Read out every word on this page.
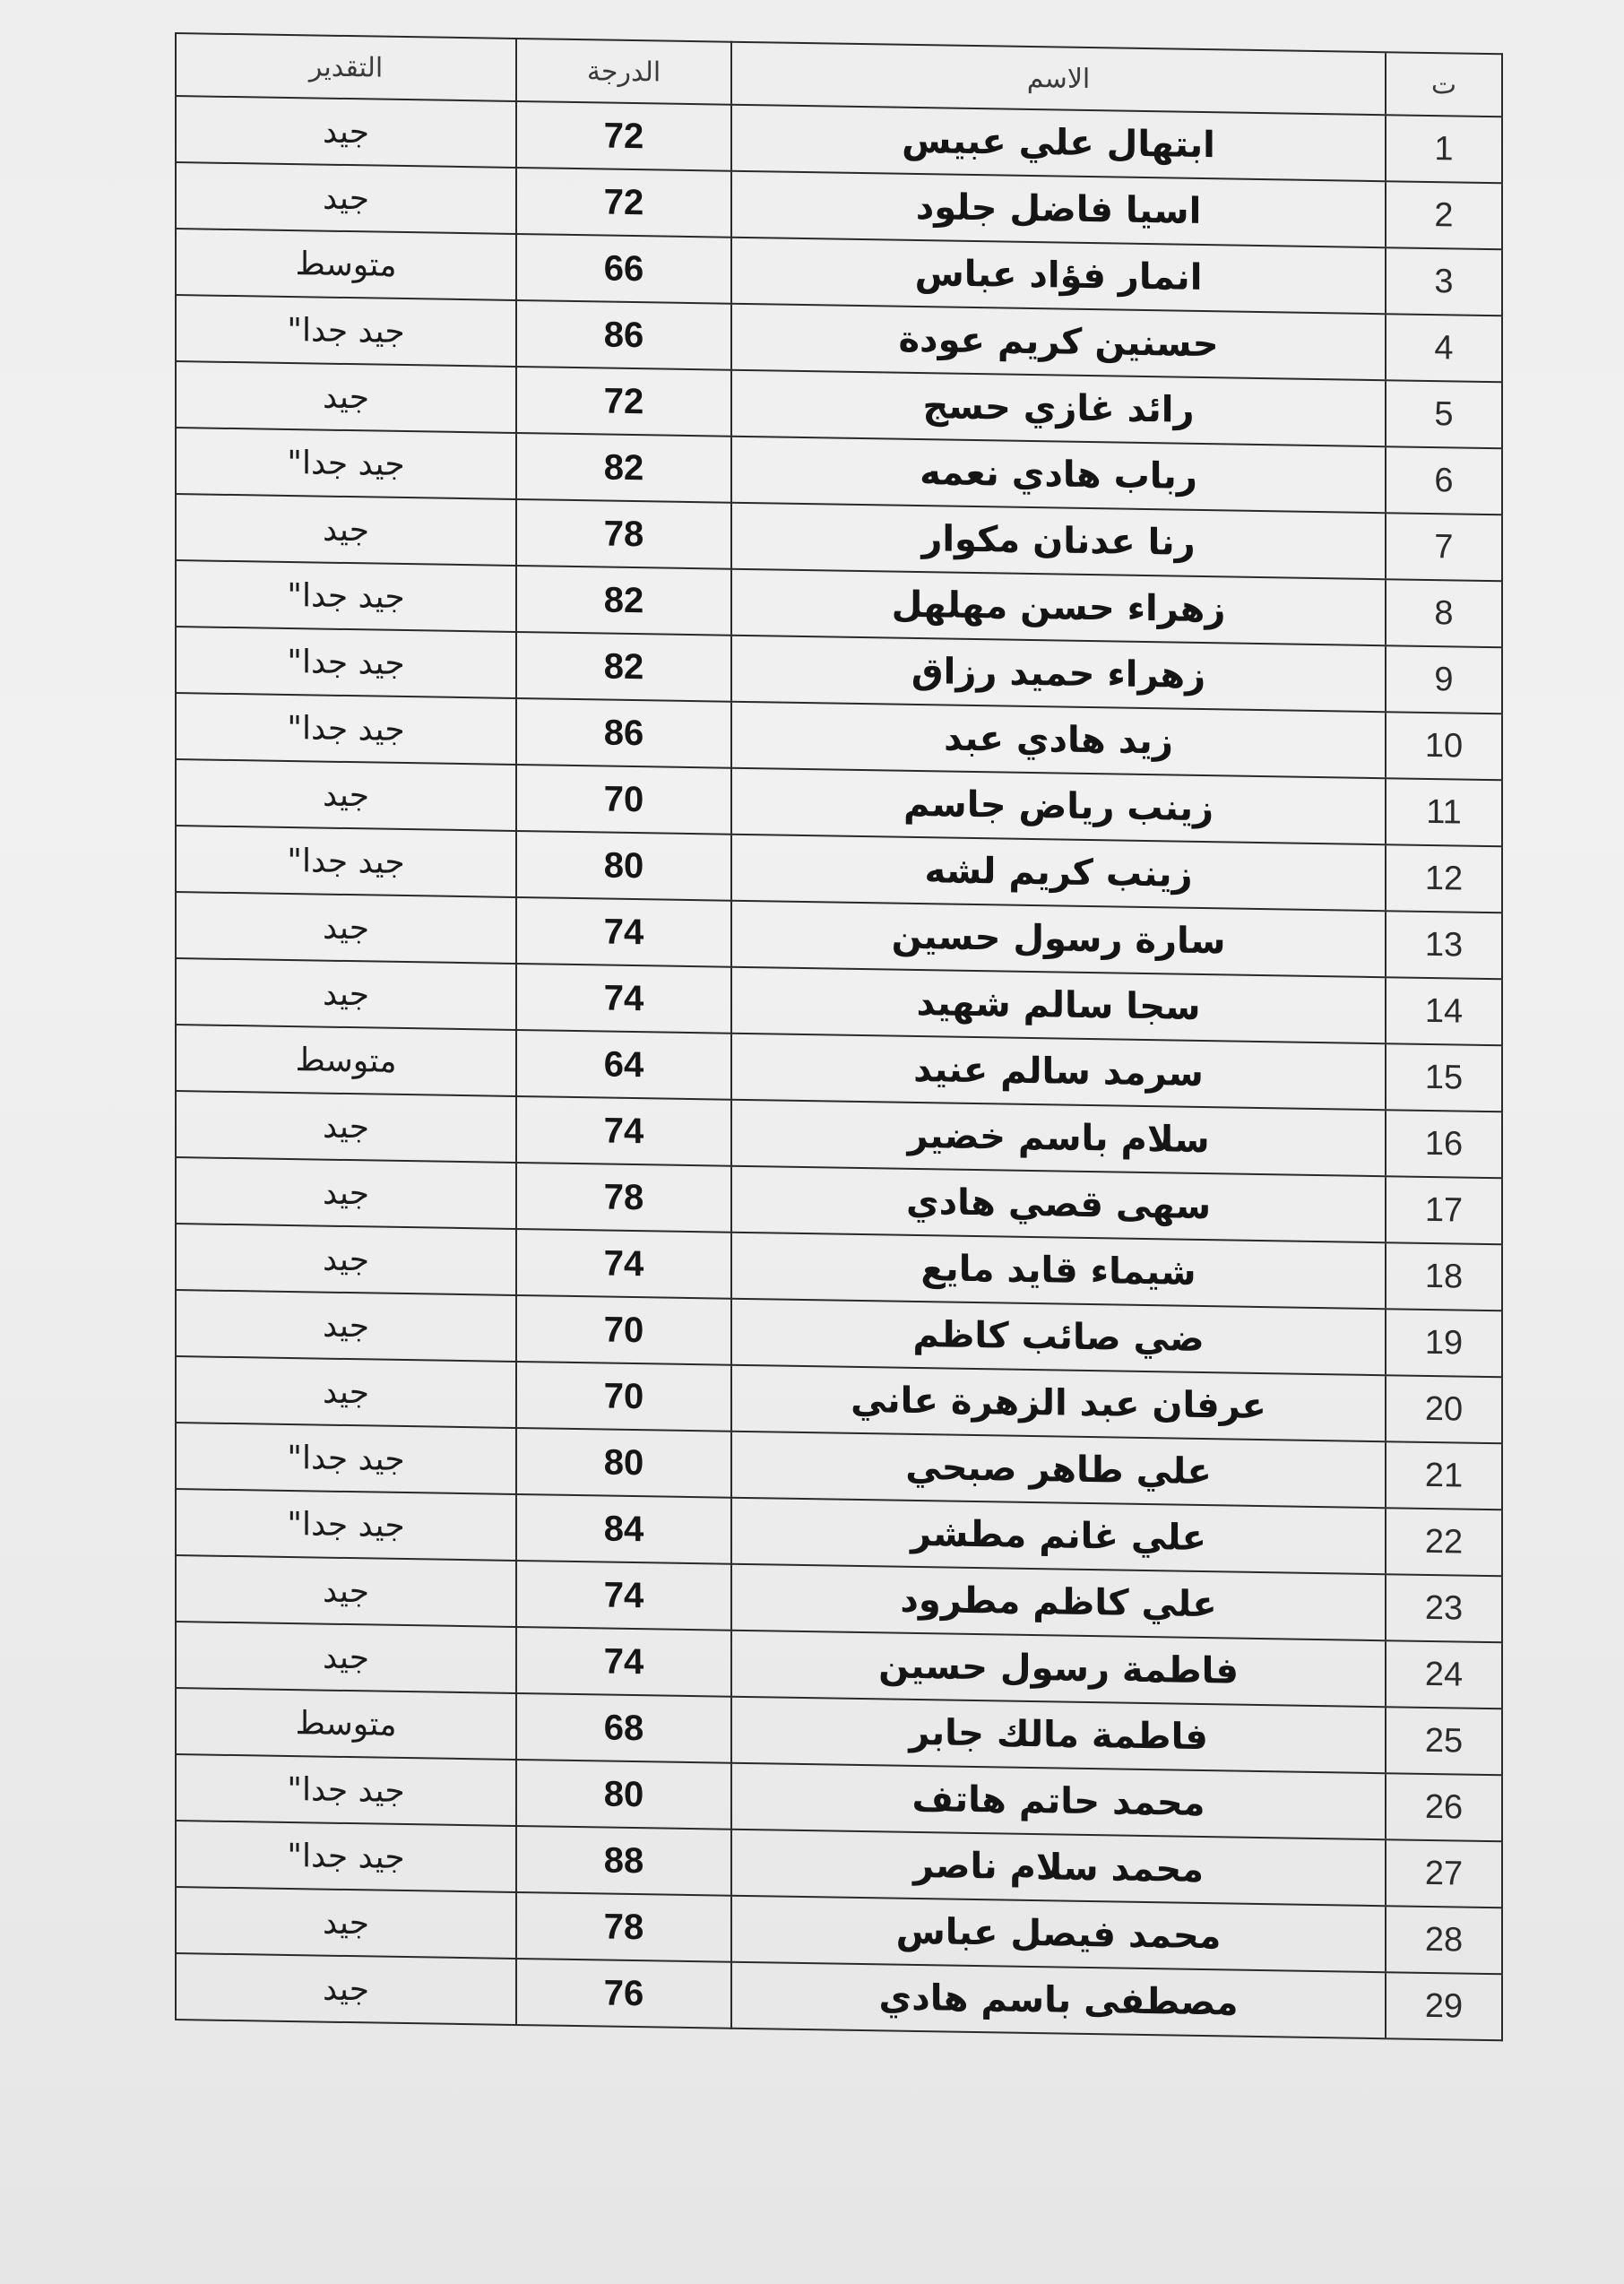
ت	الاسم	الدرجة	التقدير
1	ابتهال علي عبيس	72	جيد
2	اسيا فاضل جلود	72	جيد
3	انمار فؤاد عباس	66	متوسط
4	حسنين كريم عودة	86	جيد جدا"
5	رائد غازي حسج	72	جيد
6	رباب هادي نعمه	82	جيد جدا"
7	رنا عدنان مكوار	78	جيد
8	زهراء حسن مهلهل	82	جيد جدا"
9	زهراء حميد رزاق	82	جيد جدا"
10	زيد هادي عبد	86	جيد جدا"
11	زينب رياض جاسم	70	جيد
12	زينب كريم لشه	80	جيد جدا"
13	سارة رسول حسين	74	جيد
14	سجا سالم شهيد	74	جيد
15	سرمد سالم عنيد	64	متوسط
16	سلام باسم خضير	74	جيد
17	سهى قصي هادي	78	جيد
18	شيماء قايد مايع	74	جيد
19	ضي صائب كاظم	70	جيد
20	عرفان عبد الزهرة عاني	70	جيد
21	علي طاهر صبحي	80	جيد جدا"
22	علي غانم مطشر	84	جيد جدا"
23	علي كاظم مطرود	74	جيد
24	فاطمة رسول حسين	74	جيد
25	فاطمة مالك جابر	68	متوسط
26	محمد حاتم هاتف	80	جيد جدا"
27	محمد سلام ناصر	88	جيد جدا"
28	محمد فيصل عباس	78	جيد
29	مصطفى باسم هادي	76	جيد
